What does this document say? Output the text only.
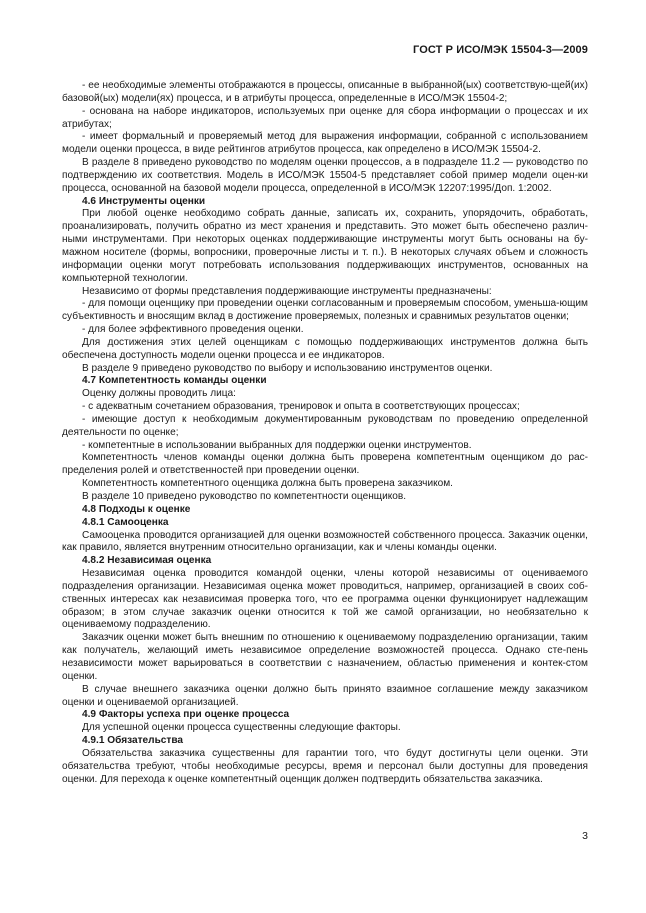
ГОСТ Р ИСО/МЭК 15504-3—2009

- ее необходимые элементы отображаются в процессы, описанные в выбранной(ых) соответствую-щей(их) базовой(ых) модели(ях) процесса, и в атрибуты процесса, определенные в ИСО/МЭК 15504-2;

- основана на наборе индикаторов, используемых при оценке для сбора информации о процессах и их атрибутах;

- имеет формальный и проверяемый метод для выражения информации, собранной с использованием модели оценки процесса, в виде рейтингов атрибутов процесса, как определено в ИСО/МЭК 15504-2.

В разделе 8 приведено руководство по моделям оценки процессов, а в подразделе 11.2 — руководство по подтверждению их соответствия. Модель в ИСО/МЭК 15504-5 представляет собой пример модели оцен-ки процесса, основанной на базовой модели процесса, определенной в ИСО/МЭК 12207:1995/Доп. 1:2002.

4.6 Инструменты оценки

При любой оценке необходимо собрать данные, записать их, сохранить, упорядочить, обработать, проанализировать, получить обратно из мест хранения и представить. Это может быть обеспечено различ-ными инструментами. При некоторых оценках поддерживающие инструменты могут быть основаны на бу-мажном носителе (формы, вопросники, проверочные листы и т. п.). В некоторых случаях объем и сложность информации оценки могут потребовать использования поддерживающих инструментов, основанных на компьютерной технологии.

Независимо от формы представления поддерживающие инструменты предназначены:

- для помощи оценщику при проведении оценки согласованным и проверяемым способом, уменьша-ющим субъективность и вносящим вклад в достижение проверяемых, полезных и сравнимых результатов оценки;

- для более эффективного проведения оценки.

Для достижения этих целей оценщикам с помощью поддерживающих инструментов должна быть обеспечена доступность модели оценки процесса и ее индикаторов.

В разделе 9 приведено руководство по выбору и использованию инструментов оценки.

4.7 Компетентность команды оценки

Оценку должны проводить лица:

- с адекватным сочетанием образования, тренировок и опыта в соответствующих процессах;

- имеющие доступ к необходимым документированным руководствам по проведению определенной деятельности по оценке;

- компетентные в использовании выбранных для поддержки оценки инструментов.

Компетентность членов команды оценки должна быть проверена компетентным оценщиком до рас-пределения ролей и ответственностей при проведении оценки.

Компетентность компетентного оценщика должна быть проверена заказчиком.

В разделе 10 приведено руководство по компетентности оценщиков.

4.8 Подходы к оценке

4.8.1 Самооценка

Самооценка проводится организацией для оценки возможностей собственного процесса. Заказчик оценки, как правило, является внутренним относительно организации, как и члены команды оценки.

4.8.2 Независимая оценка

Независимая оценка проводится командой оценки, члены которой независимы от оцениваемого подразделения организации. Независимая оценка может проводиться, например, организацией в своих соб-ственных интересах как независимая проверка того, что ее программа оценки функционирует надлежащим образом; в этом случае заказчик оценки относится к той же самой организации, но необязательно к оцениваемому подразделению.

Заказчик оценки может быть внешним по отношению к оцениваемому подразделению организации, таким как получатель, желающий иметь независимое определение возможностей процесса. Однако сте-пень независимости может варьироваться в соответствии с назначением, областью применения и контек-стом оценки.

В случае внешнего заказчика оценки должно быть принято взаимное соглашение между заказчиком оценки и оцениваемой организацией.

4.9 Факторы успеха при оценке процесса

Для успешной оценки процесса существенны следующие факторы.

4.9.1 Обязательства

Обязательства заказчика существенны для гарантии того, что будут достигнуты цели оценки. Эти обязательства требуют, чтобы необходимые ресурсы, время и персонал были доступны для проведения оценки. Для перехода к оценке компетентный оценщик должен подтвердить обязательства заказчика.

3
